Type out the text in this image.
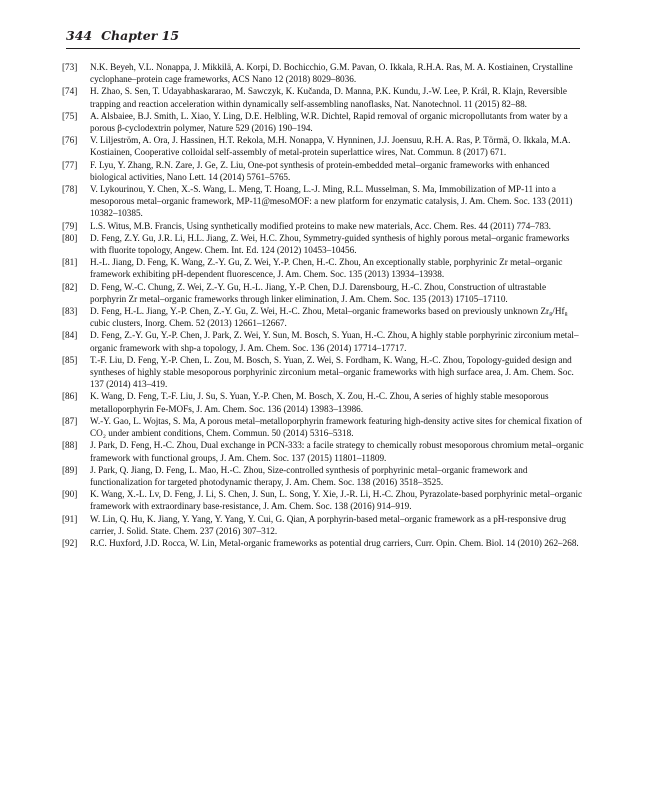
344 Chapter 15
[73] N.K. Beyeh, V.L. Nonappa, J. Mikkilä, A. Korpi, D. Bochicchio, G.M. Pavan, O. Ikkala, R.H.A. Ras, M. A. Kostiainen, Crystalline cyclophane–protein cage frameworks, ACS Nano 12 (2018) 8029–8036.
[74] H. Zhao, S. Sen, T. Udayabhaskararao, M. Sawczyk, K. Kučanda, D. Manna, P.K. Kundu, J.-W. Lee, P. Král, R. Klajn, Reversible trapping and reaction acceleration within dynamically self-assembling nanoflasks, Nat. Nanotechnol. 11 (2015) 82–88.
[75] A. Alsbaiee, B.J. Smith, L. Xiao, Y. Ling, D.E. Helbling, W.R. Dichtel, Rapid removal of organic micropollutants from water by a porous β-cyclodextrin polymer, Nature 529 (2016) 190–194.
[76] V. Liljeström, A. Ora, J. Hassinen, H.T. Rekola, M.H. Nonappa, V. Hynninen, J.J. Joensuu, R.H. A. Ras, P. Törmä, O. Ikkala, M.A. Kostiainen, Cooperative colloidal self-assembly of metal-protein superlattice wires, Nat. Commun. 8 (2017) 671.
[77] F. Lyu, Y. Zhang, R.N. Zare, J. Ge, Z. Liu, One-pot synthesis of protein-embedded metal–organic frameworks with enhanced biological activities, Nano Lett. 14 (2014) 5761–5765.
[78] V. Lykourinou, Y. Chen, X.-S. Wang, L. Meng, T. Hoang, L.-J. Ming, R.L. Musselman, S. Ma, Immobilization of MP-11 into a mesoporous metal–organic framework, MP-11@mesoMOF: a new platform for enzymatic catalysis, J. Am. Chem. Soc. 133 (2011) 10382–10385.
[79] L.S. Witus, M.B. Francis, Using synthetically modified proteins to make new materials, Acc. Chem. Res. 44 (2011) 774–783.
[80] D. Feng, Z.Y. Gu, J.R. Li, H.L. Jiang, Z. Wei, H.C. Zhou, Symmetry-guided synthesis of highly porous metal–organic frameworks with fluorite topology, Angew. Chem. Int. Ed. 124 (2012) 10453–10456.
[81] H.-L. Jiang, D. Feng, K. Wang, Z.-Y. Gu, Z. Wei, Y.-P. Chen, H.-C. Zhou, An exceptionally stable, porphyrinic Zr metal–organic framework exhibiting pH-dependent fluorescence, J. Am. Chem. Soc. 135 (2013) 13934–13938.
[82] D. Feng, W.-C. Chung, Z. Wei, Z.-Y. Gu, H.-L. Jiang, Y.-P. Chen, D.J. Darensbourg, H.-C. Zhou, Construction of ultrastable porphyrin Zr metal–organic frameworks through linker elimination, J. Am. Chem. Soc. 135 (2013) 17105–17110.
[83] D. Feng, H.-L. Jiang, Y.-P. Chen, Z.-Y. Gu, Z. Wei, H.-C. Zhou, Metal–organic frameworks based on previously unknown Zr₈/Hf₈ cubic clusters, Inorg. Chem. 52 (2013) 12661–12667.
[84] D. Feng, Z.-Y. Gu, Y.-P. Chen, J. Park, Z. Wei, Y. Sun, M. Bosch, S. Yuan, H.-C. Zhou, A highly stable porphyrinic zirconium metal–organic framework with shp-a topology, J. Am. Chem. Soc. 136 (2014) 17714–17717.
[85] T.-F. Liu, D. Feng, Y.-P. Chen, L. Zou, M. Bosch, S. Yuan, Z. Wei, S. Fordham, K. Wang, H.-C. Zhou, Topology-guided design and syntheses of highly stable mesoporous porphyrinic zirconium metal–organic frameworks with high surface area, J. Am. Chem. Soc. 137 (2014) 413–419.
[86] K. Wang, D. Feng, T.-F. Liu, J. Su, S. Yuan, Y.-P. Chen, M. Bosch, X. Zou, H.-C. Zhou, A series of highly stable mesoporous metalloporphyrin Fe-MOFs, J. Am. Chem. Soc. 136 (2014) 13983–13986.
[87] W.-Y. Gao, L. Wojtas, S. Ma, A porous metal–metalloporphyrin framework featuring high-density active sites for chemical fixation of CO₂ under ambient conditions, Chem. Commun. 50 (2014) 5316–5318.
[88] J. Park, D. Feng, H.-C. Zhou, Dual exchange in PCN-333: a facile strategy to chemically robust mesoporous chromium metal–organic framework with functional groups, J. Am. Chem. Soc. 137 (2015) 11801–11809.
[89] J. Park, Q. Jiang, D. Feng, L. Mao, H.-C. Zhou, Size-controlled synthesis of porphyrinic metal–organic framework and functionalization for targeted photodynamic therapy, J. Am. Chem. Soc. 138 (2016) 3518–3525.
[90] K. Wang, X.-L. Lv, D. Feng, J. Li, S. Chen, J. Sun, L. Song, Y. Xie, J.-R. Li, H.-C. Zhou, Pyrazolate-based porphyrinic metal–organic framework with extraordinary base-resistance, J. Am. Chem. Soc. 138 (2016) 914–919.
[91] W. Lin, Q. Hu, K. Jiang, Y. Yang, Y. Yang, Y. Cui, G. Qian, A porphyrin-based metal–organic framework as a pH-responsive drug carrier, J. Solid. State. Chem. 237 (2016) 307–312.
[92] R.C. Huxford, J.D. Rocca, W. Lin, Metal-organic frameworks as potential drug carriers, Curr. Opin. Chem. Biol. 14 (2010) 262–268.
